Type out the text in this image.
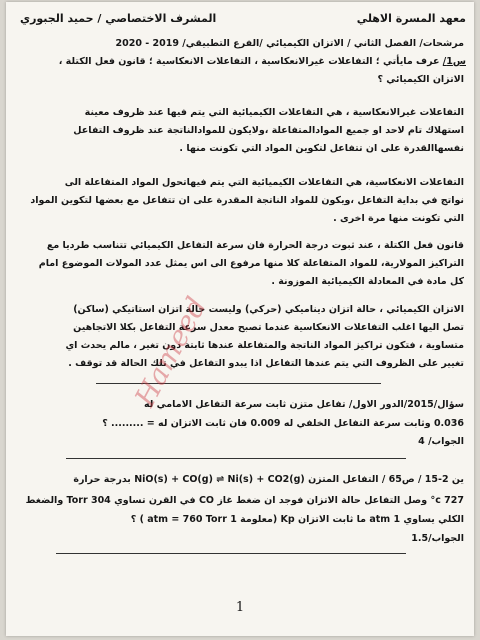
معهد المسرة الاهلي
المشرف الاختصاصي / حميد الجبوري
مرشحات/ الفصل الثاني / الاتزان الكيميائي /الفرع التطبيقي/ 2019 - 2020
س1/ عرف مايأتي ؛ التفاعلات غيرالانعكاسية ، التفاعلات الانعكاسية ؛ قانون فعل الكتلة ،
الاتزان الكيميائي ؟
التفاعلات غيرالانعكاسية ، هي التفاعلات الكيميائية التي يتم فيها عند ظروف معينة
استهلاك تام لاحد او جميع الموادالمتفاعلة ،ولايكون للموادالناتجة عند ظروف التفاعل
نفسهاالقدرة على ان تتفاعل لتكوين المواد التي تكونت منها .
التفاعلات الانعكاسية، هي التفاعلات الكيميائية التي يتم فيهاتحول المواد المتفاعلة الى
نواتج في بداية التفاعل ،ويكون للمواد الناتجة المقدرة على ان تتفاعل مع بعضها لتكوين المواد
التي تكونت منها مرة اخرى .
قانون فعل الكتلة ، عند ثبوت درجة الحرارة فان سرعة التفاعل الكيميائي تتناسب طرديا مع
التراكيز المولارية، للمواد المتفاعلة كلا منها مرفوع الى اس يمثل عدد المولات الموضوع امام
كل مادة في المعادلة الكيميائية الموزونة .
الاتزان الكيميائي ، حالة اتزان ديناميكي (حركي) وليست حالة اتزان استاتيكي (ساكن)
تصل اليها اغلب التفاعلات الانعكاسية عندما تصبح معدل سرعة التفاعل بكلا الاتجاهين
متساوية ، فتكون تراكيز المواد الناتجة والمتفاعلة عندها ثابتة دون تغير ، مالم يحدث اي
تغيير على الظروف التي يتم عندها التفاعل اذا يبدو التفاعل في تلك الحالة قد توقف .
سؤال/2015/الدور الاول/ تفاعل متزن ثابت سرعة التفاعل الامامي له
0.036 وثابت سرعة التفاعل الخلفي له 0.009 فان ثابت الاتزان له = ......... ؟
الجواب/ 4
ين 2-15 / ص65 / التفاعل المتزن NiO(s) + CO(g) ⇌ Ni(s) + CO2(g) بدرجة حرارة
727 c° وصل التفاعل حالة الاتزان فوجد ان ضغط غاز CO في القرن تساوي Torr 304 والضغط
الكلي يساوي 1 atm ما ثابت الاتزان Kp (معلومة 1 atm = 760 Torr ) ؟
الجواب/1.5
1
Hameed
